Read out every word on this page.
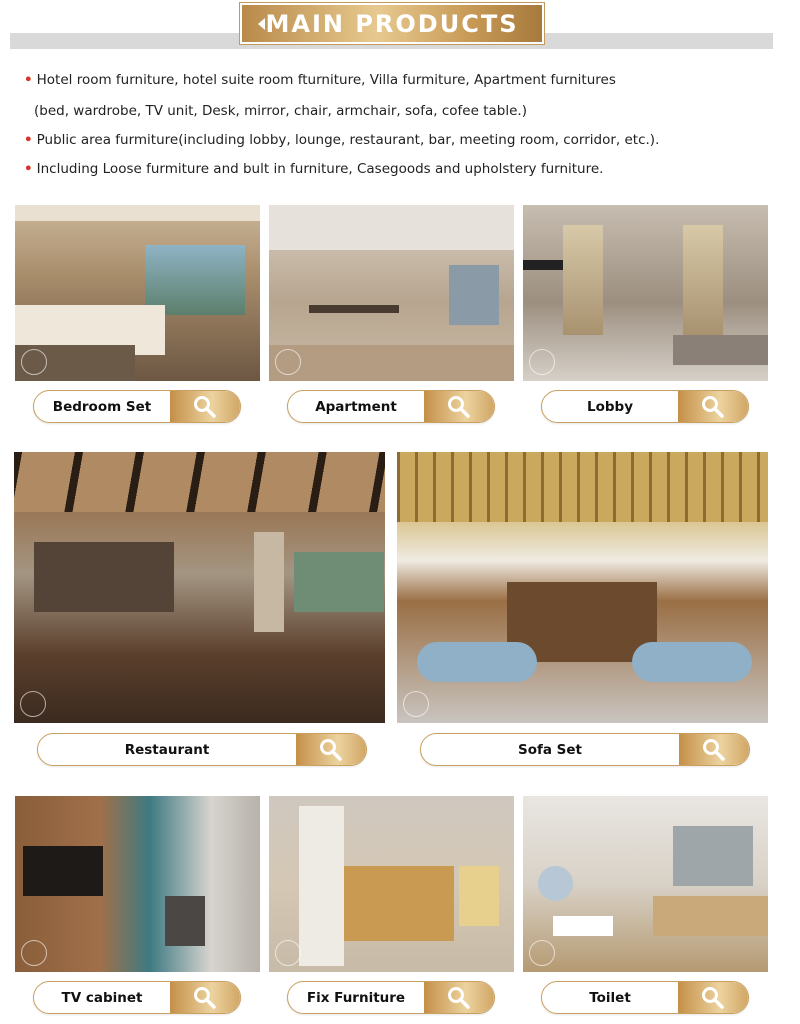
MAIN PRODUCTS
• Hotel room furniture, hotel suite room fturniture, Villa furmiture, Apartment furnitures
(bed, wardrobe, TV unit, Desk, mirror, chair, armchair, sofa, cofee table.)
• Public area furmiture(including lobby, lounge, restaurant, bar, meeting room, corridor, etc.).
• Including Loose furmiture and bult in furniture, Casegoods and upholstery furniture.
Bedroom Set	Apartment	Lobby
Restaurant	Sofa Set
TV cabinet	Fix Furniture	Toilet
